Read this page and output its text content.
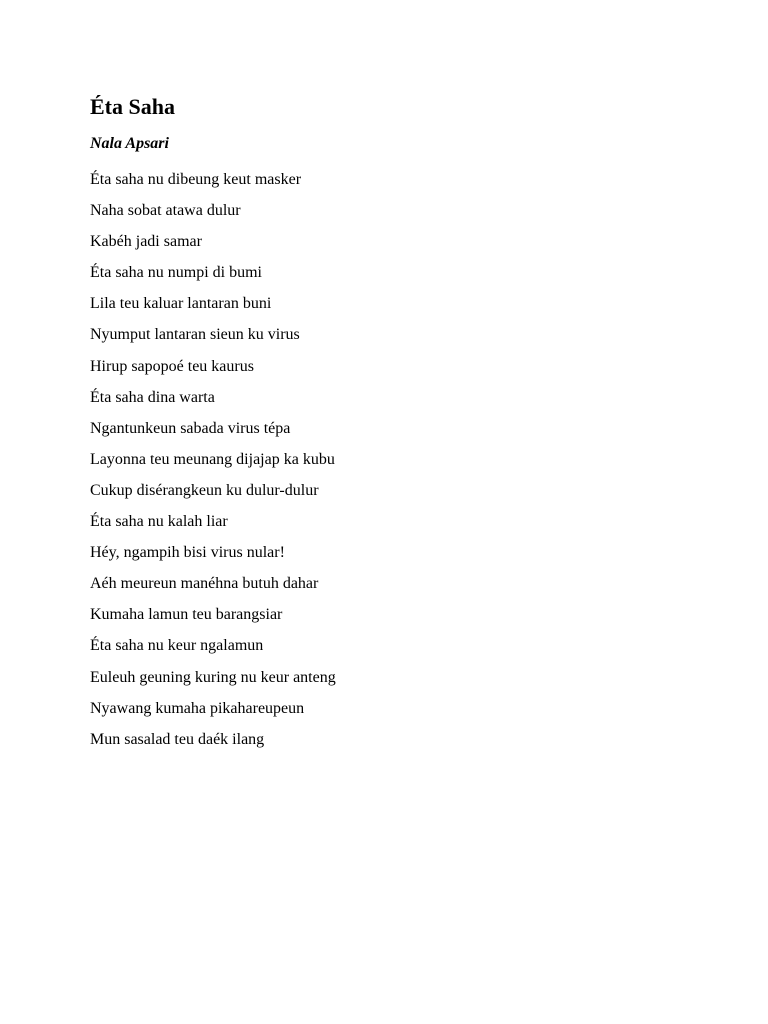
Éta Saha

Nala Apsari

Éta saha nu dibeung keut masker
Naha sobat atawa dulur
Kabéh jadi samar
Éta saha nu numpi di bumi
Lila teu kaluar lantaran buni
Nyumput lantaran sieun ku virus
Hirup sapopoé teu kaurus
Éta saha dina warta
Ngantunkeun sabada virus tépa
Layonna teu meunang dijajap ka kubu
Cukup disérangkeun ku dulur-dulur
Éta saha nu kalah liar
Héy, ngampih bisi virus nular!
Aéh meureun manéhna butuh dahar
Kumaha lamun teu barangsiar
Éta saha nu keur ngalamun
Euleuh geuning kuring nu keur anteng
Nyawang kumaha pikahareupeun
Mun sasalad teu daék ilang
